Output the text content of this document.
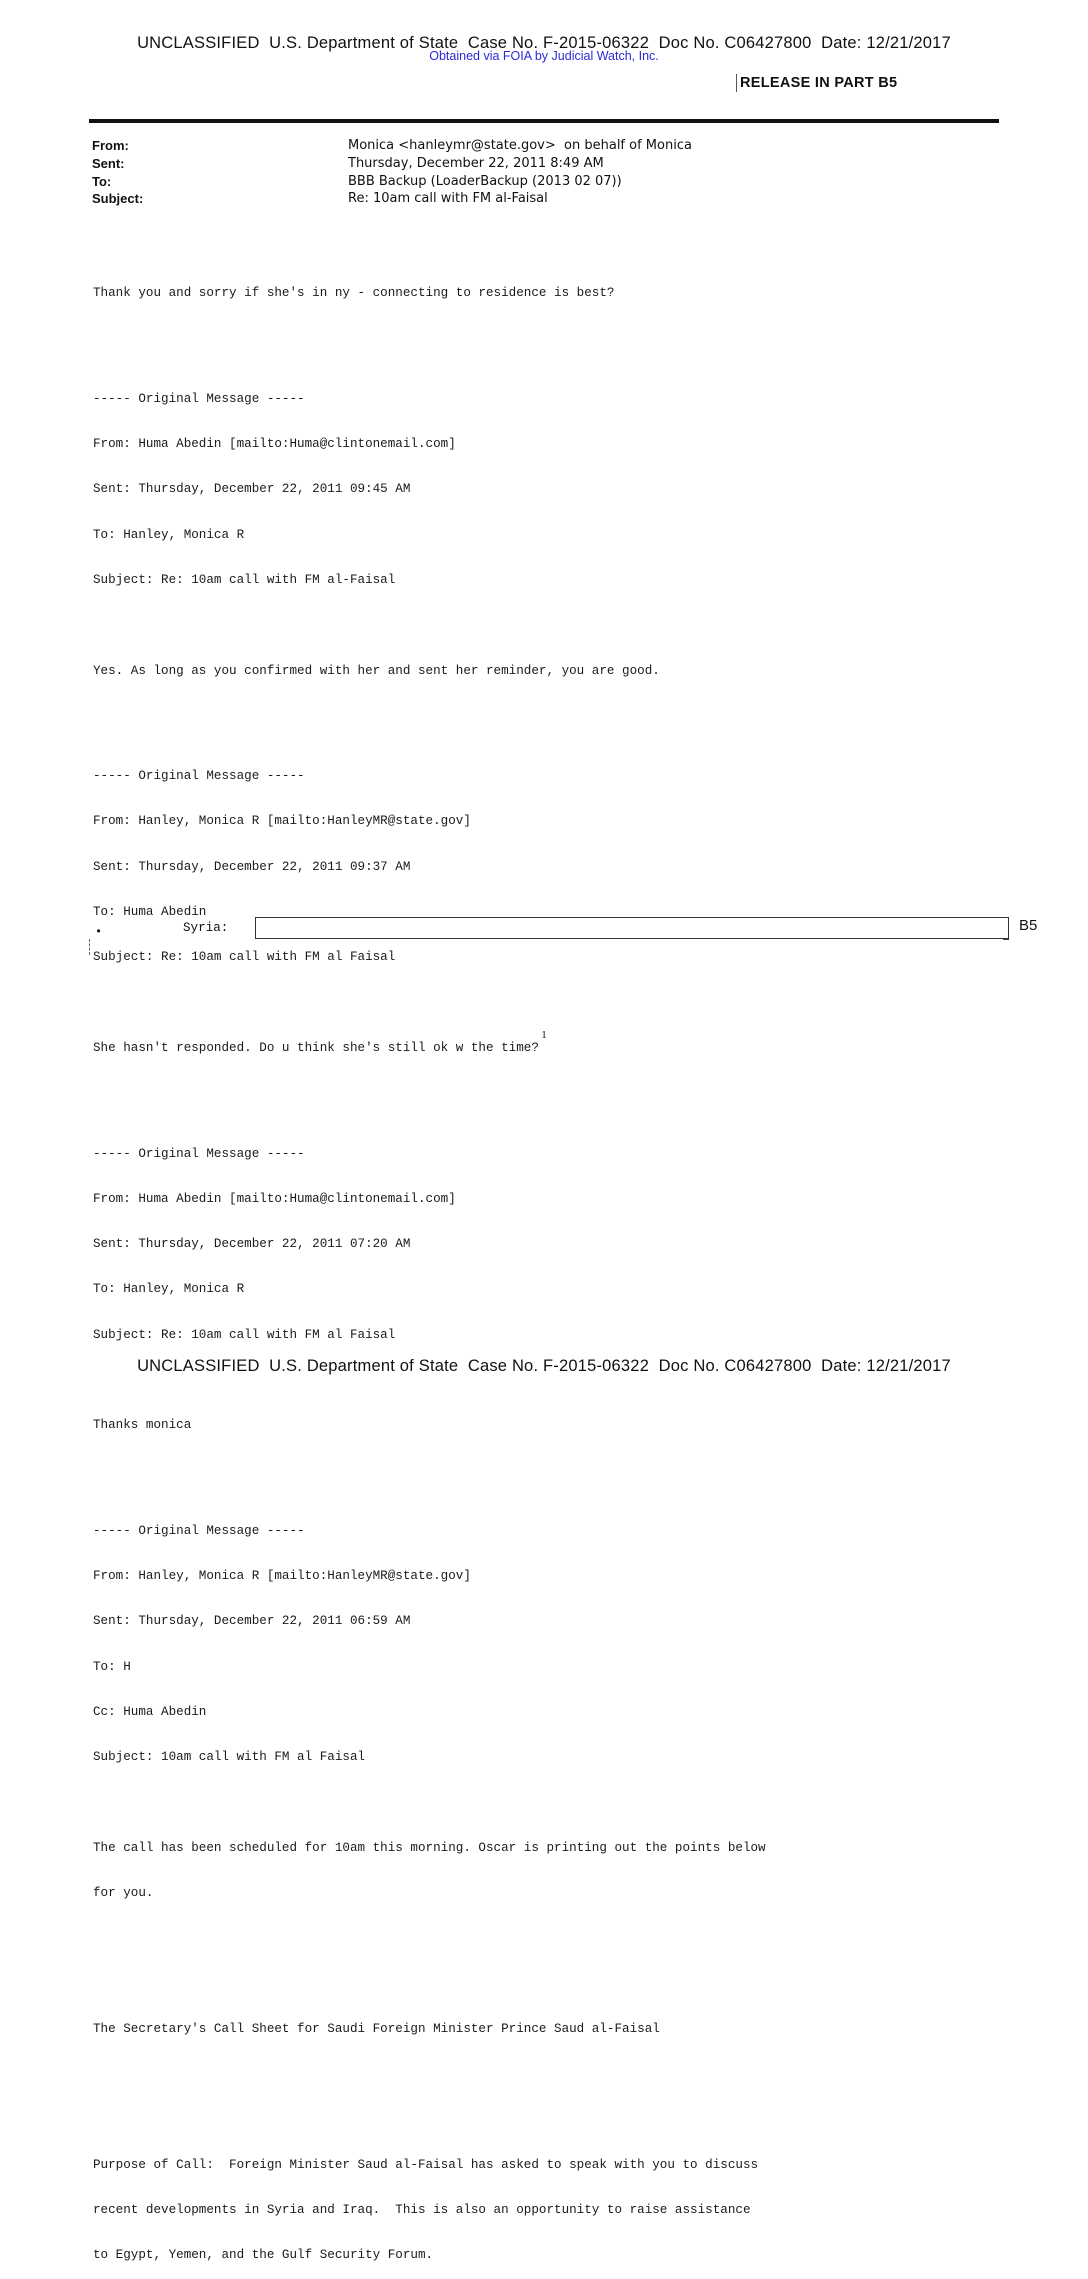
UNCLASSIFIED  U.S. Department of State  Case No. F-2015-06322  Doc No. C06427800  Date: 12/21/2017
Obtained via FOIA by Judicial Watch, Inc.
RELEASE IN PART B5
From:	Monica <hanleymr@state.gov>  on behalf of Monica
Sent:	Thursday, December 22, 2011 8:49 AM
To:	BBB Backup (LoaderBackup (2013 02 07))
Subject:	Re: 10am call with FM al-Faisal

Thank you and sorry if she's in ny - connecting to residence is best?

----- Original Message -----

From: Huma Abedin [mailto:Huma@clintonemail.com]

Sent: Thursday, December 22, 2011 09:45 AM

To: Hanley, Monica R

Subject: Re: 10am call with FM al-Faisal

Yes. As long as you confirmed with her and sent her reminder, you are good.

----- Original Message -----

From: Hanley, Monica R [mailto:HanleyMR@state.gov]

Sent: Thursday, December 22, 2011 09:37 AM

To: Huma Abedin

Subject: Re: 10am call with FM al Faisal

She hasn't responded. Do u think she's still ok w the time?

----- Original Message -----

From: Huma Abedin [mailto:Huma@clintonemail.com]

Sent: Thursday, December 22, 2011 07:20 AM

To: Hanley, Monica R

Subject: Re: 10am call with FM al Faisal

Thanks monica

----- Original Message -----

From: Hanley, Monica R [mailto:HanleyMR@state.gov]

Sent: Thursday, December 22, 2011 06:59 AM

To: H

Cc: Huma Abedin

Subject: 10am call with FM al Faisal

The call has been scheduled for 10am this morning. Oscar is printing out the points below

for you.

The Secretary's Call Sheet for Saudi Foreign Minister Prince Saud al-Faisal

Purpose of Call:  Foreign Minister Saud al-Faisal has asked to speak with you to discuss

recent developments in Syria and Iraq.  This is also an opportunity to raise assistance

to Egypt, Yemen, and the Gulf Security Forum.

•	Syria:	B5
1
UNCLASSIFIED  U.S. Department of State  Case No. F-2015-06322  Doc No. C06427800  Date: 12/21/2017
